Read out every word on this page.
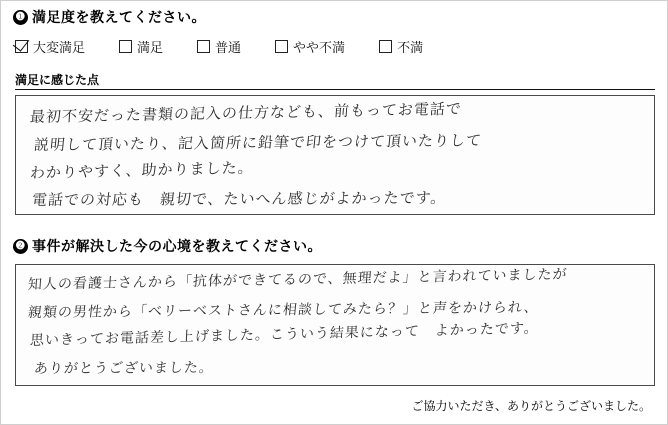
❶ 満足度を教えてください。
大変満足	満足	普通	やや不満	不満
満足に感じた点
最初不安だった書類の記入の仕方なども、前もってお電話で
説明して頂いたり、記入箇所に鉛筆で印をつけて頂いたりして
わかりやすく、助かりました。
電話での対応も　親切で、たいへん感じがよかったです。
❷ 事件が解決した今の心境を教えてください。
知人の看護士さんから「抗体ができてるので、無理だよ」と言われていましたが
親類の男性から「ベリーベストさんに相談してみたら？」と声をかけられ、
思いきってお電話差し上げました。こういう結果になって　よかったです。
ありがとうございました。
ご協力いただき、ありがとうございました。
